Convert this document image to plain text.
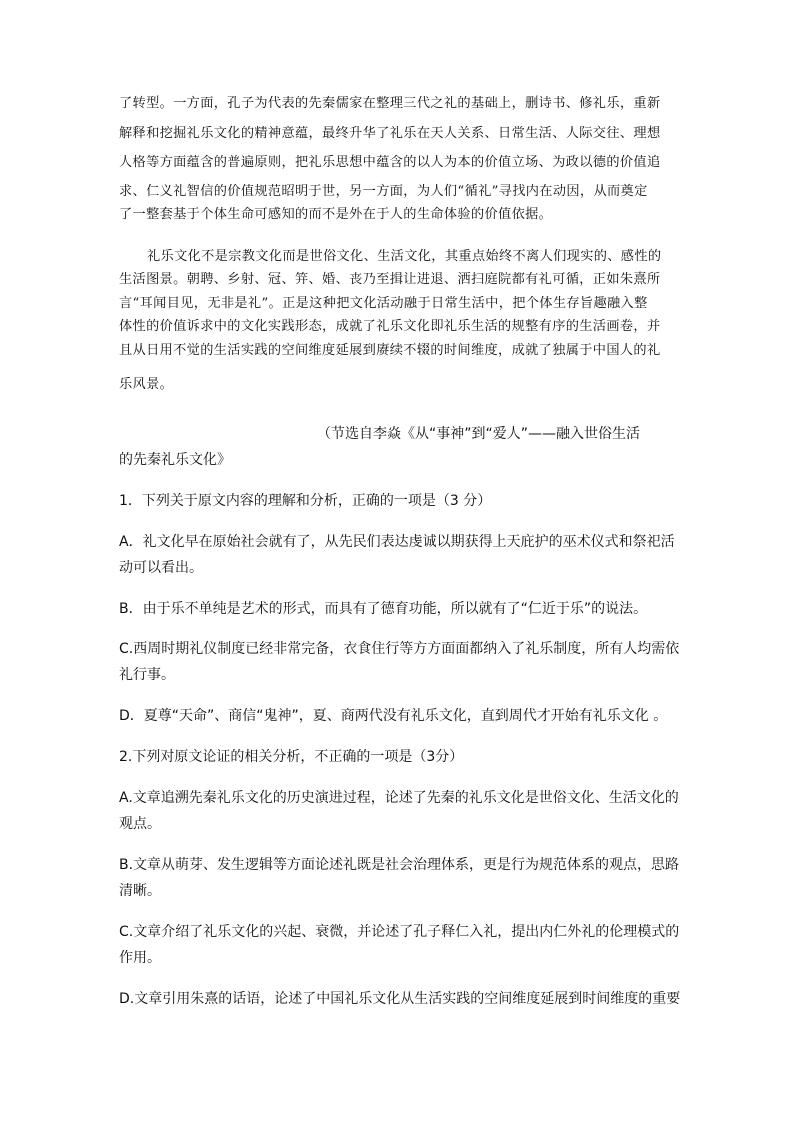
了转型。一方面，孔子为代表的先秦儒家在整理三代之礼的基础上，删诗书、修礼乐，重新
解释和挖掘礼乐文化的精神意蕴，最终升华了礼乐在天人关系、日常生活、人际交往、理想
人格等方面蕴含的普遍原则，把礼乐思想中蕴含的以人为本的价值立场、为政以德的价值追
求、仁义礼智信的价值规范昭明于世，另一方面，为人们“循礼”寻找内在动因，从而奠定
了一整套基于个体生命可感知的而不是外在于人的生命体验的价值依据。
礼乐文化不是宗教文化而是世俗文化、生活文化，其重点始终不离人们现实的、感性的
生活图景。朝聘、乡射、冠、笄、婚、丧乃至揖让进退、洒扫庭院都有礼可循，正如朱熹所
言“耳闻目见，无非是礼”。正是这种把文化活动融于日常生活中，把个体生存旨趣融入整
体性的价值诉求中的文化实践形态，成就了礼乐文化即礼乐生活的规整有序的生活画卷，并
且从日用不觉的生活实践的空间维度延展到赓续不辍的时间维度，成就了独属于中国人的礼
乐风景。
（节选自李焱《从“事神”到“爱人”——融入世俗生活
的先秦礼乐文化》
1．下列关于原文内容的理解和分析，正确的一项是（3 分）
A．礼文化早在原始社会就有了，从先民们表达虔诚以期获得上天庇护的巫术仪式和祭祀活
动可以看出。
B．由于乐不单纯是艺术的形式，而具有了德育功能，所以就有了“仁近于乐”的说法。
C.西周时期礼仪制度已经非常完备，衣食住行等方方面面都纳入了礼乐制度，所有人均需依
礼行事。
D．夏尊“天命”、商信“鬼神”，夏、商两代没有礼乐文化，直到周代才开始有礼乐文化 。
2.下列对原文论证的相关分析，不正确的一项是（3分）
A.文章追溯先秦礼乐文化的历史演进过程，论述了先秦的礼乐文化是世俗文化、生活文化的
观点。
B.文章从萌芽、发生逻辑等方面论述礼既是社会治理体系，更是行为规范体系的观点，思路
清晰。
C.文章介绍了礼乐文化的兴起、衰微，并论述了孔子释仁入礼，提出内仁外礼的伦理模式的
作用。
D.文章引用朱熹的话语，论述了中国礼乐文化从生活实践的空间维度延展到时间维度的重要
